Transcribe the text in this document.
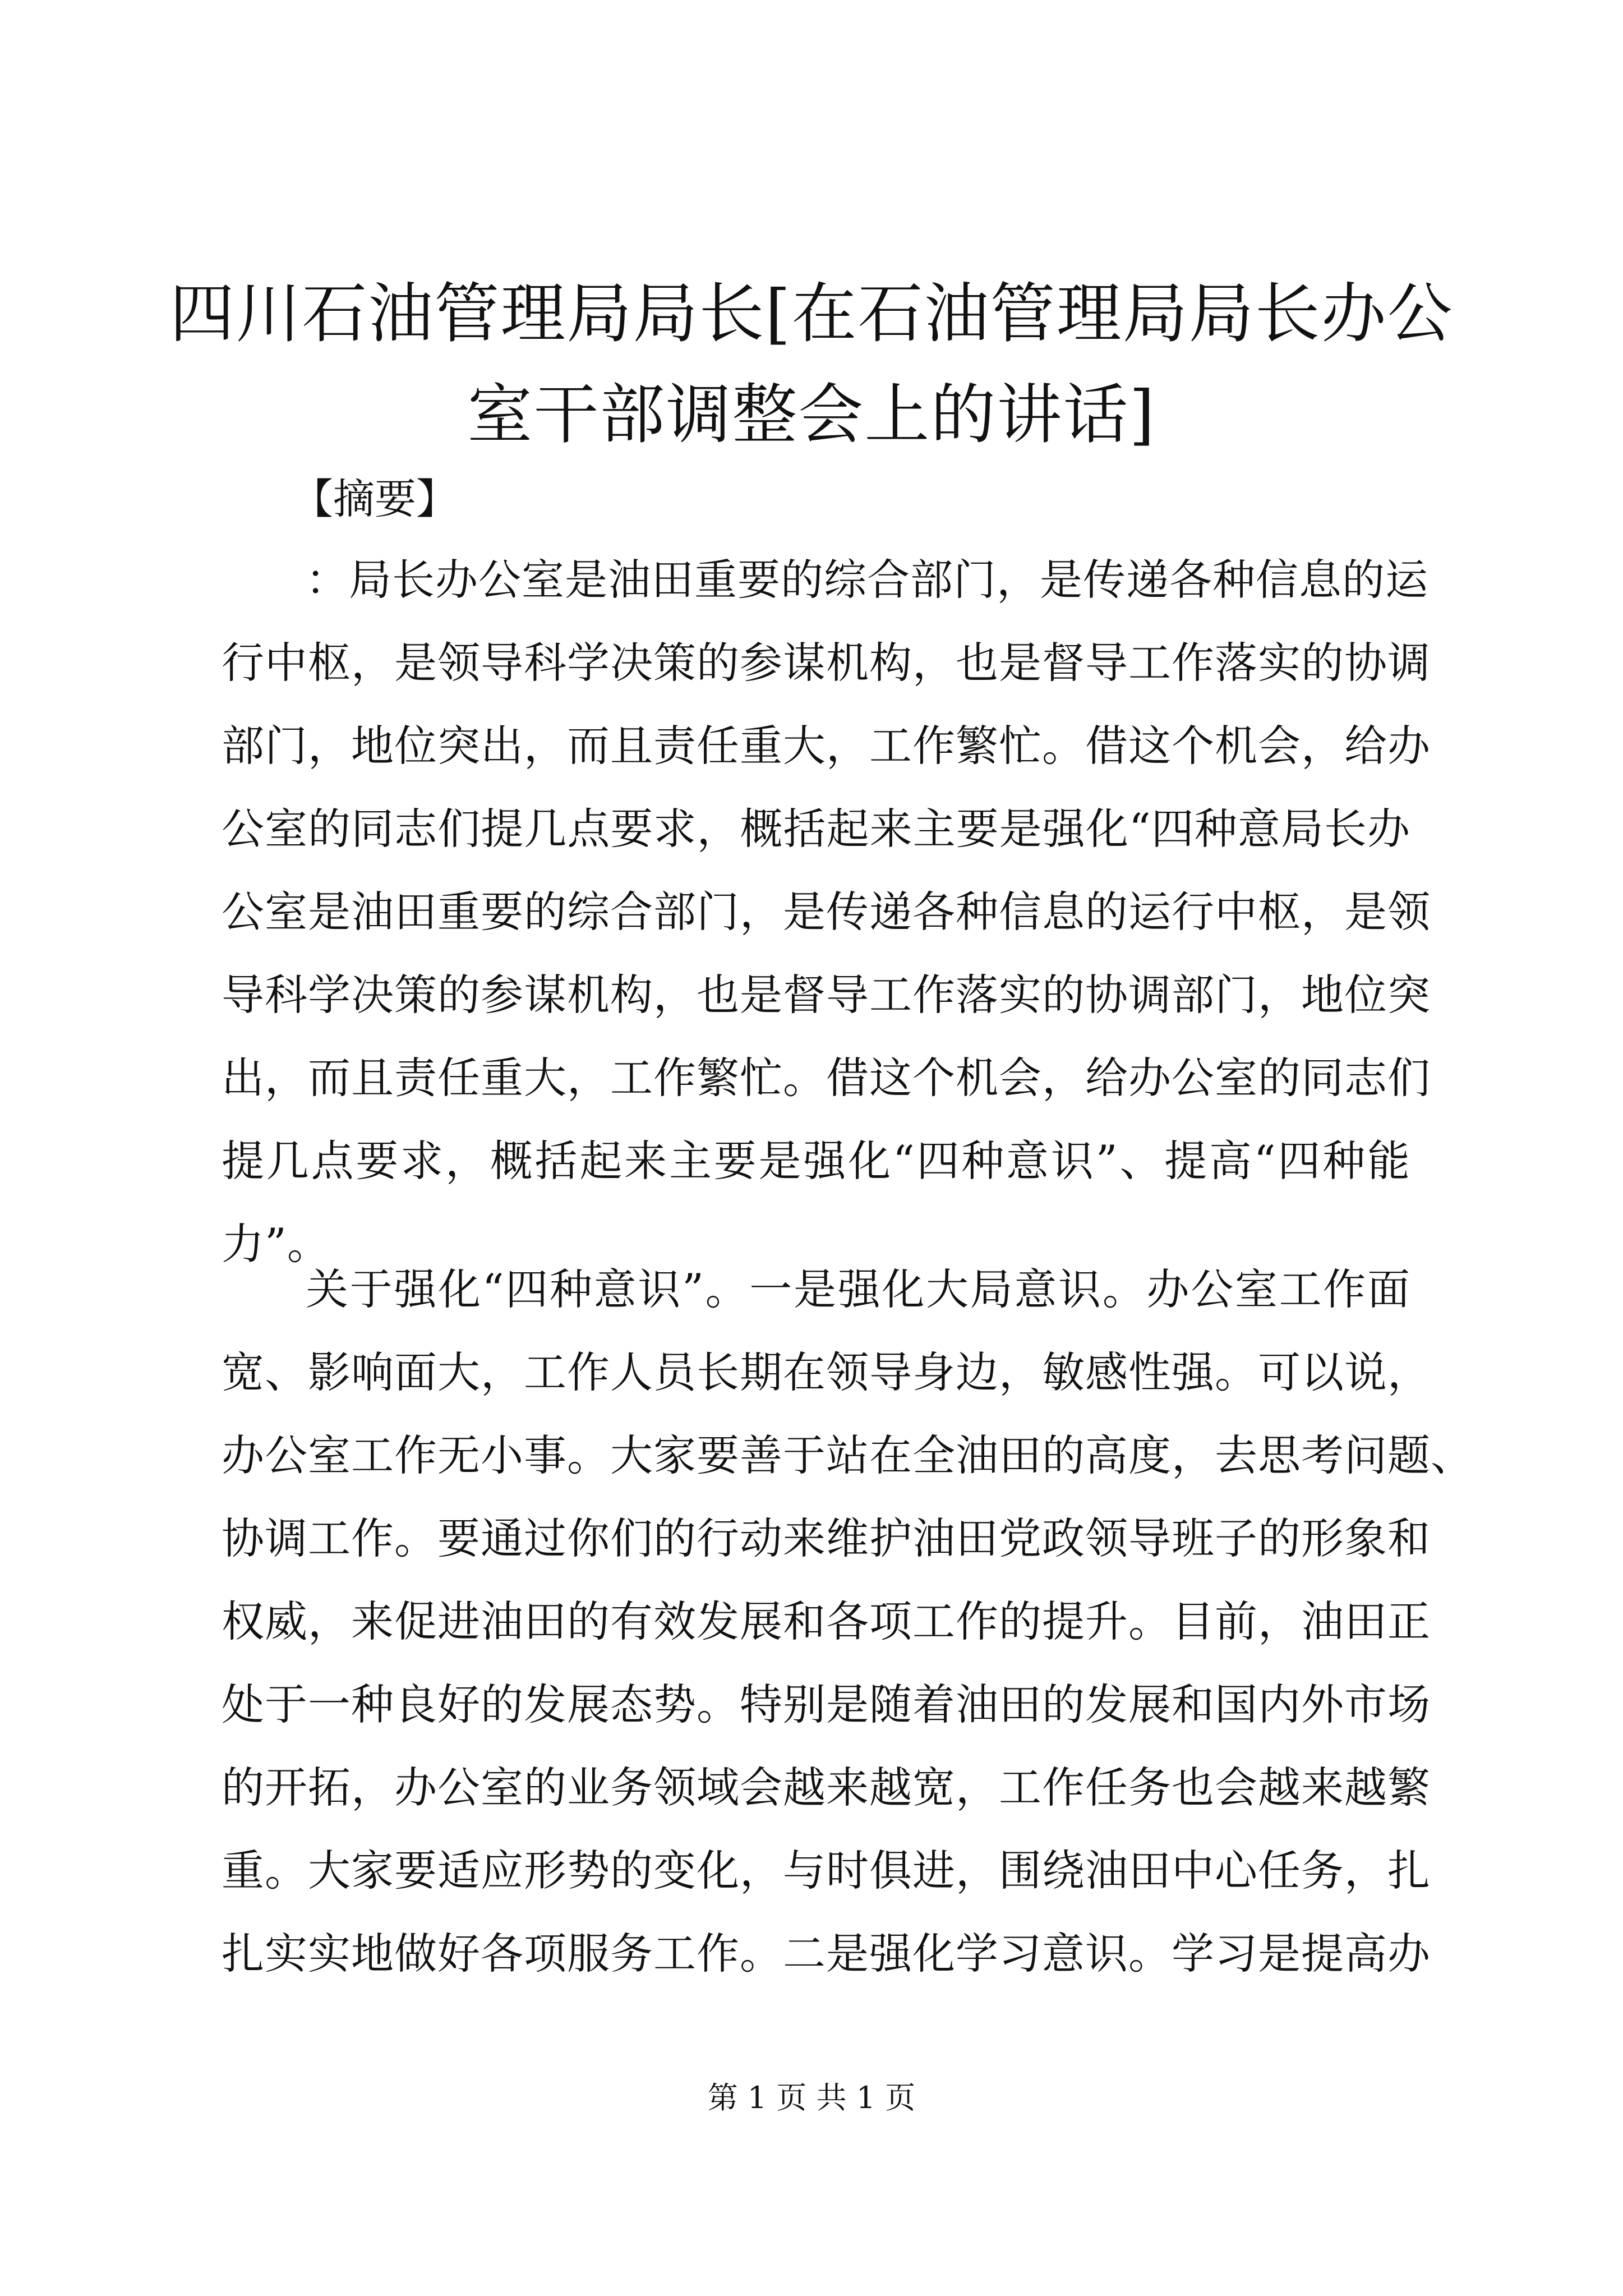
四川石油管理局局长[在石油管理局局长办公
室干部调整会上的讲话]

【摘要】

：局长办公室是油田重要的综合部门，是传递各种信息的运
行中枢，是领导科学决策的参谋机构，也是督导工作落实的协调
部门，地位突出，而且责任重大，工作繁忙。借这个机会，给办
公室的同志们提几点要求，概括起来主要是强化“四种意局长办
公室是油田重要的综合部门，是传递各种信息的运行中枢，是领
导科学决策的参谋机构，也是督导工作落实的协调部门，地位突
出，而且责任重大，工作繁忙。借这个机会，给办公室的同志们
提几点要求，概括起来主要是强化“四种意识”、提高“四种能
力”。
关于强化“四种意识”。一是强化大局意识。办公室工作面
宽、影响面大，工作人员长期在领导身边，敏感性强。可以说，
办公室工作无小事。大家要善于站在全油田的高度，去思考问题、
协调工作。要通过你们的行动来维护油田党政领导班子的形象和
权威，来促进油田的有效发展和各项工作的提升。目前，油田正
处于一种良好的发展态势。特别是随着油田的发展和国内外市场
的开拓，办公室的业务领域会越来越宽，工作任务也会越来越繁
重。大家要适应形势的变化，与时俱进，围绕油田中心任务，扎
扎实实地做好各项服务工作。二是强化学习意识。学习是提高办

第 1 页 共 1 页
